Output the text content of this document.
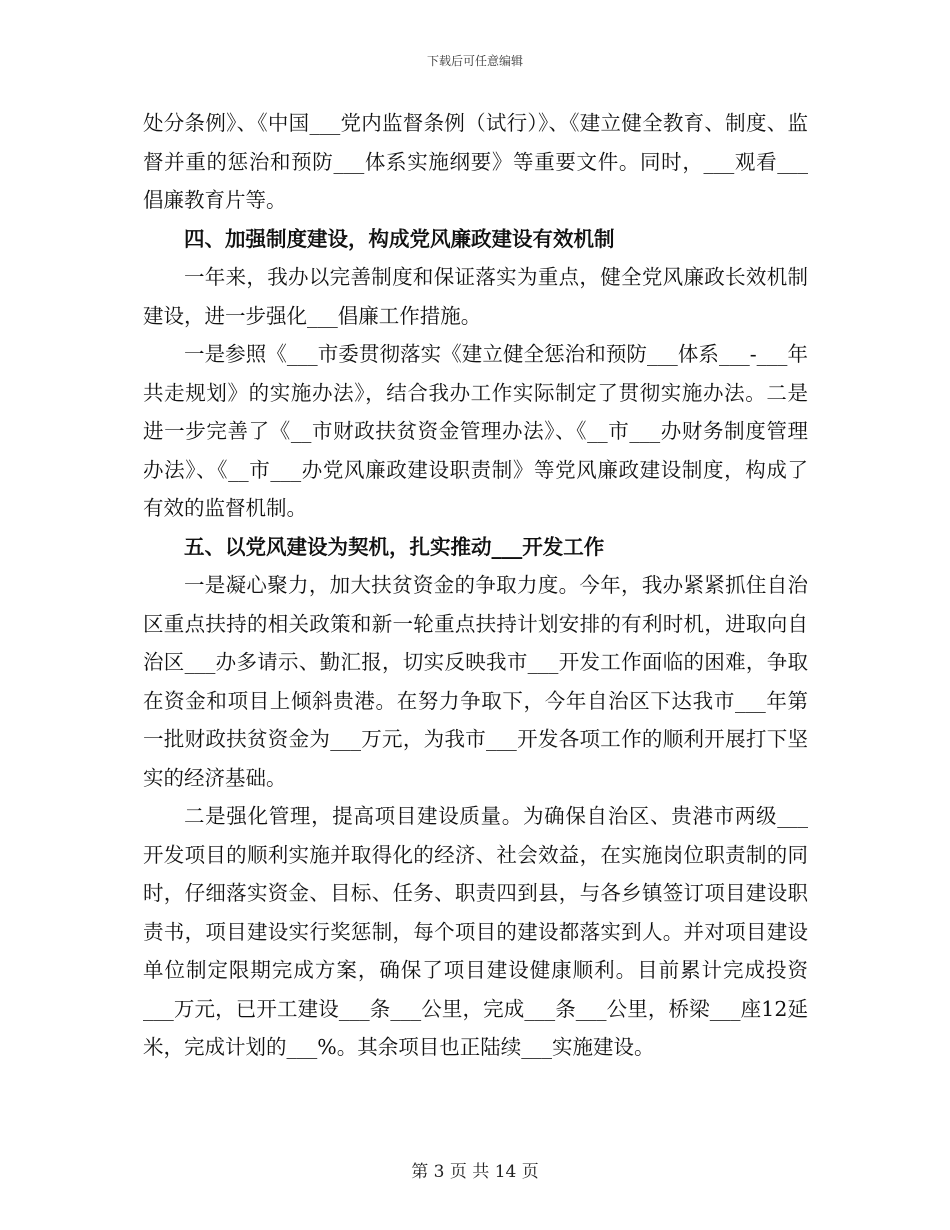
下载后可任意编辑

处分条例》、《中国___党内监督条例（试行）》、《建立健全教育、制度、监督并重的惩治和预防___体系实施纲要》等重要文件。同时，___观看___倡廉教育片等。

四、加强制度建设，构成党风廉政建设有效机制

一年来，我办以完善制度和保证落实为重点，健全党风廉政长效机制建设，进一步强化___倡廉工作措施。

一是参照《___市委贯彻落实《建立健全惩治和预防___体系___-___年共走规划》的实施办法》，结合我办工作实际制定了贯彻实施办法。二是进一步完善了《__市财政扶贫资金管理办法》、《__市___办财务制度管理办法》、《__市___办党风廉政建设职责制》等党风廉政建设制度，构成了有效的监督机制。

五、以党风建设为契机，扎实推动___开发工作

一是凝心聚力，加大扶贫资金的争取力度。今年，我办紧紧抓住自治区重点扶持的相关政策和新一轮重点扶持计划安排的有利时机，进取向自治区___办多请示、勤汇报，切实反映我市___开发工作面临的困难，争取在资金和项目上倾斜贵港。在努力争取下，今年自治区下达我市___年第一批财政扶贫资金为___万元，为我市___开发各项工作的顺利开展打下坚实的经济基础。

二是强化管理，提高项目建设质量。为确保自治区、贵港市两级___开发项目的顺利实施并取得化的经济、社会效益，在实施岗位职责制的同时，仔细落实资金、目标、任务、职责四到县，与各乡镇签订项目建设职责书，项目建设实行奖惩制，每个项目的建设都落实到人。并对项目建设单位制定限期完成方案，确保了项目建设健康顺利。目前累计完成投资___万元，已开工建设___条___公里，完成___条___公里，桥梁___座12延米，完成计划的___%。其余项目也正陆续___实施建设。

第 3 页 共 14 页
